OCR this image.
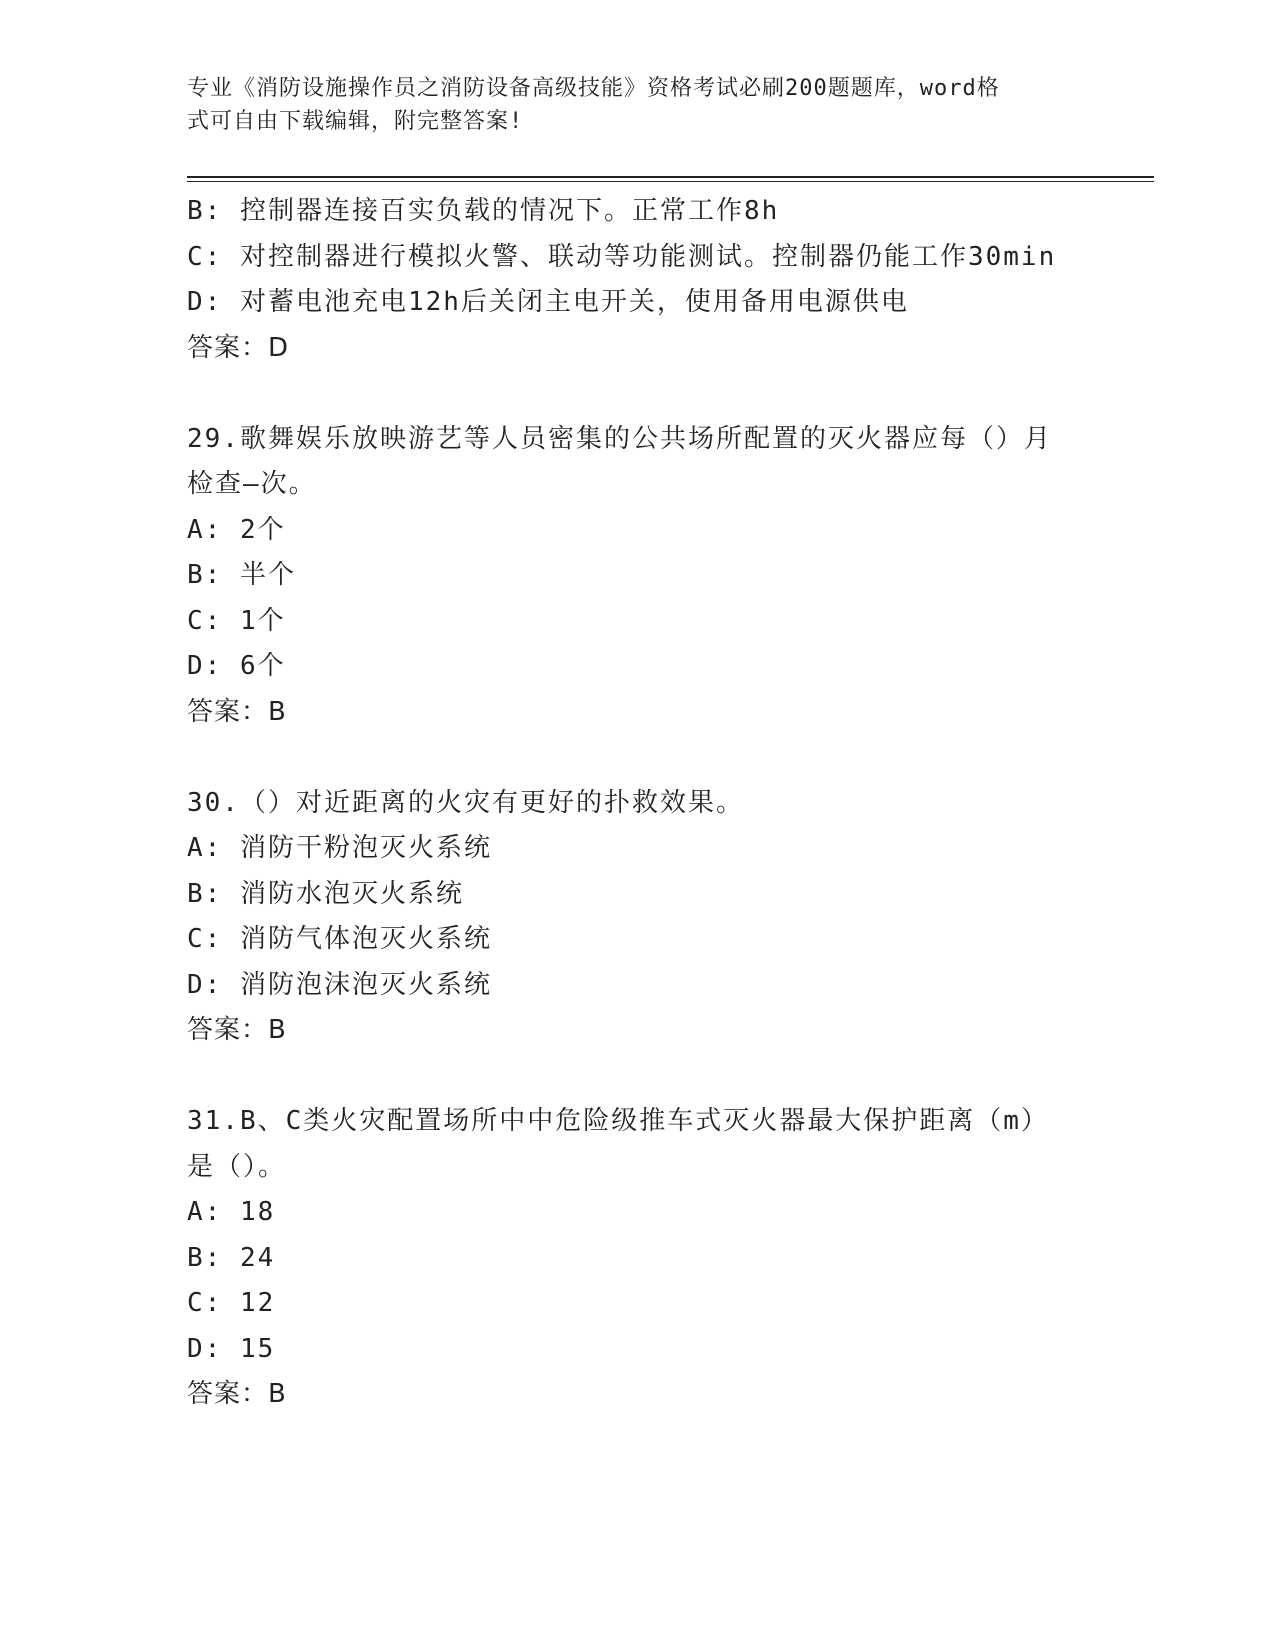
专业《消防设施操作员之消防设备高级技能》资格考试必刷200题题库，word格
式可自由下载编辑，附完整答案!
B: 控制器连接百实负载的情况下。正常工作8h
C: 对控制器进行模拟火警、联动等功能测试。控制器仍能工作30min
D: 对蓄电池充电12h后关闭主电开关，使用备用电源供电
答案：D
29.歌舞娱乐放映游艺等人员密集的公共场所配置的灭火器应每（）月
检查—次。
A: 2个
B: 半个
C: 1个
D: 6个
答案：B
30.（）对近距离的火灾有更好的扑救效果。
A: 消防干粉泡灭火系统
B: 消防水泡灭火系统
C: 消防气体泡灭火系统
D: 消防泡沫泡灭火系统
答案：B
31.B、C类火灾配置场所中中危险级推车式灭火器最大保护距离（m）
是（）。
A: 18
B: 24
C: 12
D: 15
答案：B
